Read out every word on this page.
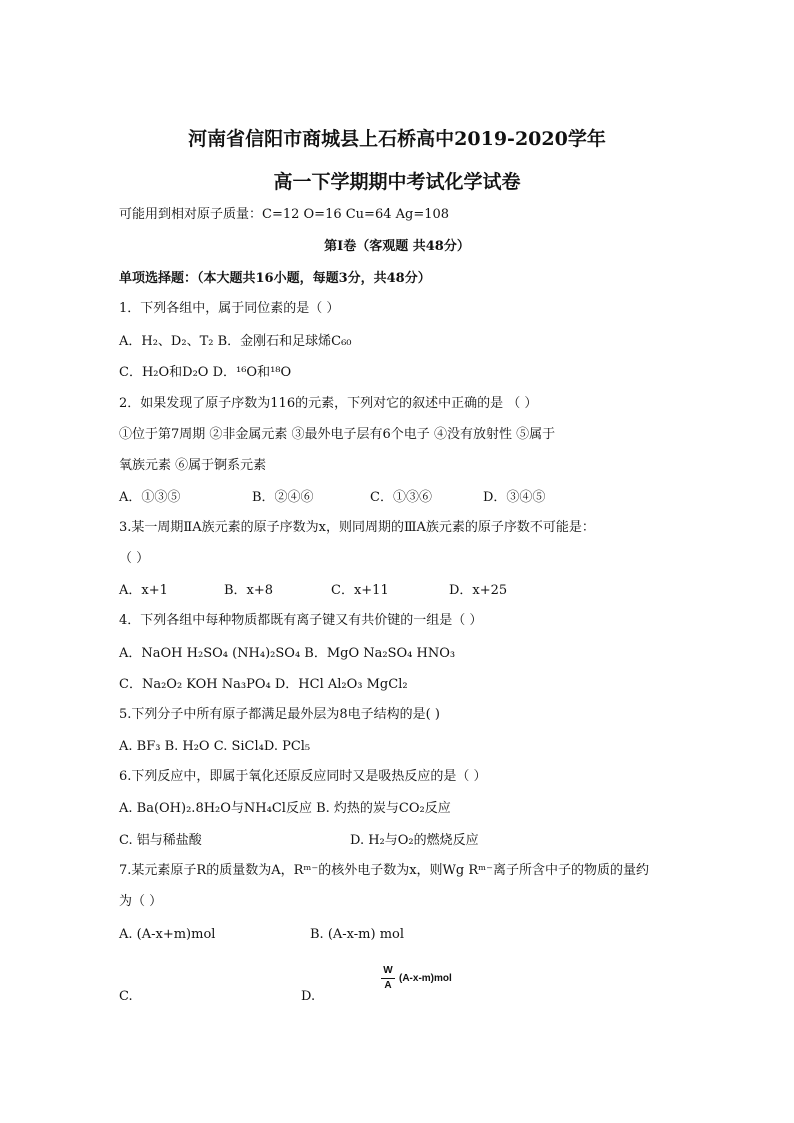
河南省信阳市商城县上石桥高中2019-2020学年
高一下学期期中考试化学试卷
可能用到相对原子质量：C=12 O=16 Cu=64 Ag=108
第Ⅰ卷（客观题 共48分）
单项选择题：（本大题共16小题，每题3分，共48分）
1．下列各组中，属于同位素的是（ ）
A．H₂、D₂、T₂ B．金刚石和足球烯C₆₀
C．H₂O和D₂O D．¹⁶O和¹⁸O
2．如果发现了原子序数为116的元素，下列对它的叙述中正确的是 （ ）
①位于第7周期 ②非金属元素 ③最外电子层有6个电子 ④没有放射性 ⑤属于
氧族元素 ⑥属于锕系元素
A．①③⑤	B．②④⑥	C．①③⑥	D．③④⑤
3.某一周期ⅡA族元素的原子序数为x，则同周期的ⅢA族元素的原子序数不可能是：
（ ）
A．x+1	B．x+8	C．x+11	D．x+25
4．下列各组中每种物质都既有离子键又有共价键的一组是（ ）
A．NaOH H₂SO₄ (NH₄)₂SO₄ B．MgO Na₂SO₄ HNO₃
C．Na₂O₂ KOH Na₃PO₄ D．HCl Al₂O₃ MgCl₂
5.下列分子中所有原子都满足最外层为8电子结构的是( )
A. BF₃ B. H₂O C. SiCl₄D. PCl₅
6.下列反应中，即属于氧化还原反应同时又是吸热反应的是（ ）
A. Ba(OH)₂.8H₂O与NH₄Cl反应 B. 灼热的炭与CO₂反应
C. 铝与稀盐酸	D. H₂与O₂的燃烧反应
7.某元素原子R的质量数为A，Rᵐ⁻的核外电子数为x，则Wg Rᵐ⁻离子所含中子的物质的量约
为（ ）
A. (A-x+m)mol	B. (A-x-m) mol
W
A
(A-x-m)mol
C.	D.
